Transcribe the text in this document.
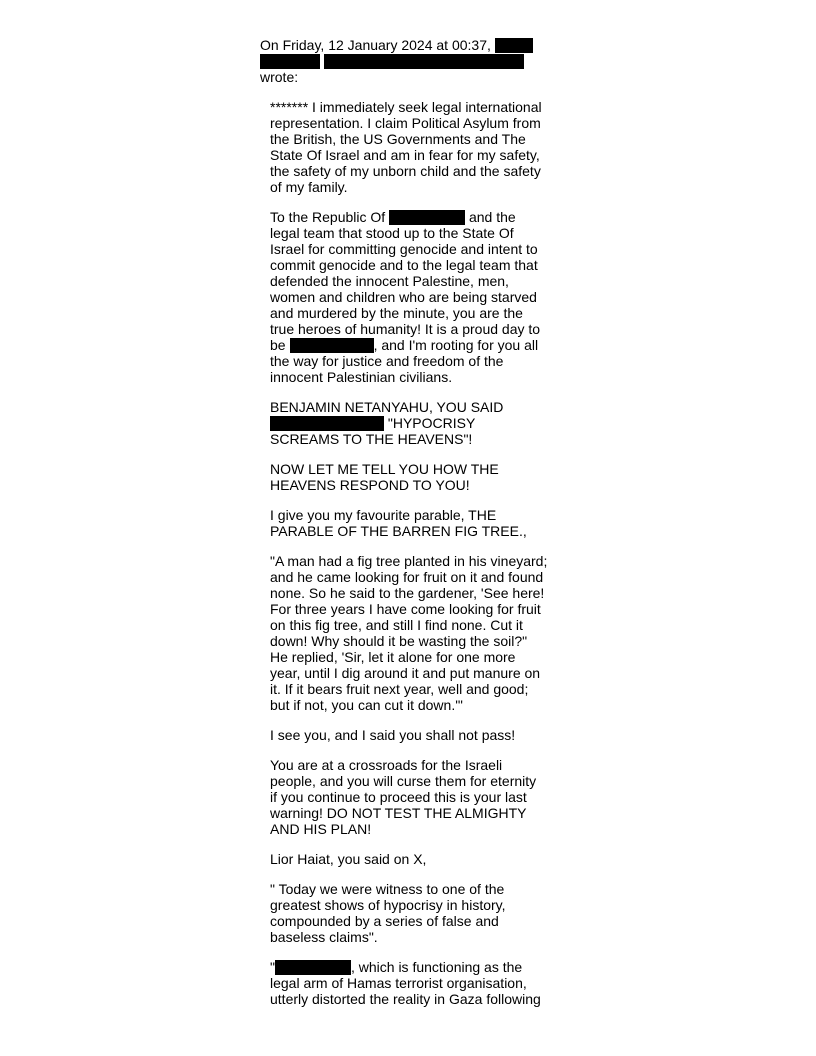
On Friday, 12 January 2024 at 00:37,

wrote:

******* I immediately seek legal international representation. I claim Political Asylum from the British, the US Governments and The State Of Israel and am in fear for my safety, the safety of my unborn child and the safety of my family.

To the Republic Of	and the legal team that stood up to the State Of Israel for committing genocide and intent to commit genocide and to the legal team that defended the innocent Palestine, men, women and children who are being starved and murdered by the minute, you are the true heroes of humanity! It is a proud day to be	, and I'm rooting for you all the way for justice and freedom of the innocent Palestinian civilians.

BENJAMIN NETANYAHU, YOU SAID
"HYPOCRISY
SCREAMS TO THE HEAVENS"!

NOW LET ME TELL YOU HOW THE HEAVENS RESPOND TO YOU!

I give you my favourite parable, THE PARABLE OF THE BARREN FIG TREE.,

"A man had a fig tree planted in his vineyard; and he came looking for fruit on it and found none. So he said to the gardener, 'See here! For three years I have come looking for fruit on this fig tree, and still I find none. Cut it down! Why should it be wasting the soil?" He replied, 'Sir, let it alone for one more year, until I dig around it and put manure on it. If it bears fruit next year, well and good; but if not, you can cut it down.'"

I see you, and I said you shall not pass!

You are at a crossroads for the Israeli people, and you will curse them for eternity if you continue to proceed this is your last warning! DO NOT TEST THE ALMIGHTY AND HIS PLAN!

Lior Haiat, you said on X,

" Today we were witness to one of the greatest shows of hypocrisy in history, compounded by a series of false and baseless claims".

"	, which is functioning as the legal arm of Hamas terrorist organisation, utterly distorted the reality in Gaza following
